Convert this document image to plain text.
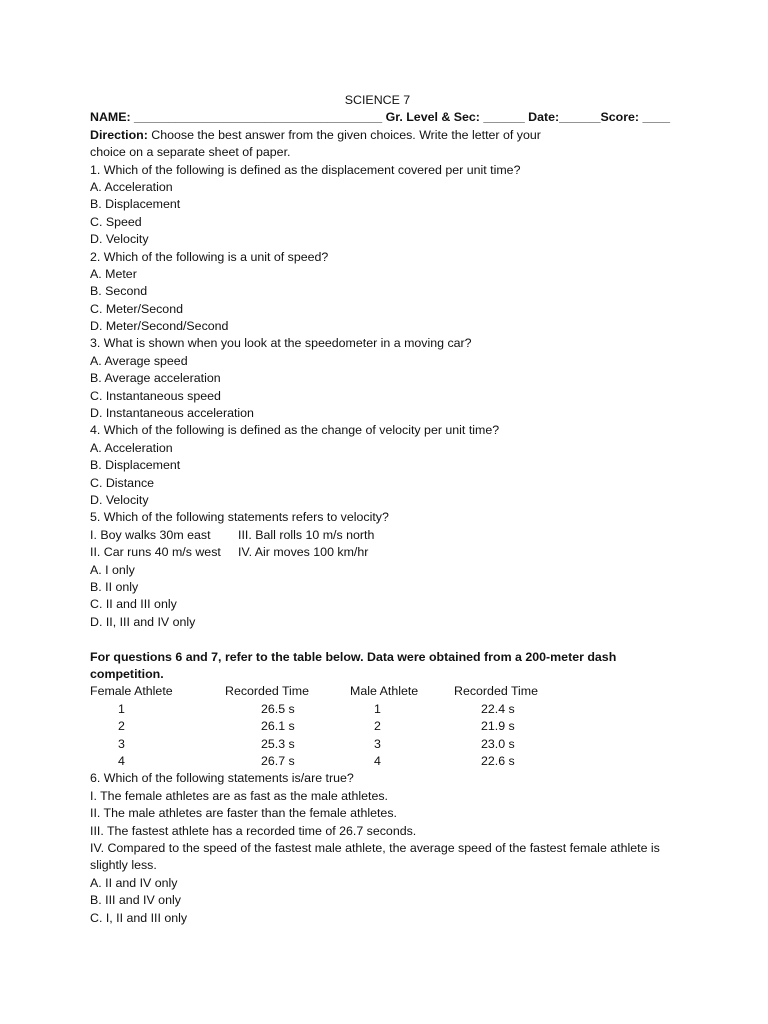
SCIENCE 7
NAME: ____________________________________ Gr. Level & Sec: ______ Date:______Score: ____
Direction: Choose the best answer from the given choices. Write the letter of your
choice on a separate sheet of paper.
1. Which of the following is defined as the displacement covered per unit time?
A. Acceleration
B. Displacement
C. Speed
D. Velocity
2. Which of the following is a unit of speed?
A. Meter
B. Second
C. Meter/Second
D. Meter/Second/Second
3. What is shown when you look at the speedometer in a moving car?
A. Average speed
B. Average acceleration
C. Instantaneous speed
D. Instantaneous acceleration
4. Which of the following is defined as the change of velocity per unit time?
A. Acceleration
B. Displacement
C. Distance
D. Velocity
5. Which of the following statements refers to velocity?
I. Boy walks 30m east III. Ball rolls 10 m/s north
II. Car runs 40 m/s west IV. Air moves 100 km/hr
A. I only
B. II only
C. II and III only
D. II, III and IV only
For questions 6 and 7, refer to the table below. Data were obtained from a 200-meter dash competition.
Female Athlete	Recorded Time	Male Athlete	Recorded Time
1	26.5 s	1	22.4 s
2	26.1 s	2	21.9 s
3	25.3 s	3	23.0 s
4	26.7 s	4	22.6 s
6. Which of the following statements is/are true?
I. The female athletes are as fast as the male athletes.
II. The male athletes are faster than the female athletes.
III. The fastest athlete has a recorded time of 26.7 seconds.
IV. Compared to the speed of the fastest male athlete, the average speed of the fastest female athlete is slightly less.
A. II and IV only
B. III and IV only
C. I, II and III only
